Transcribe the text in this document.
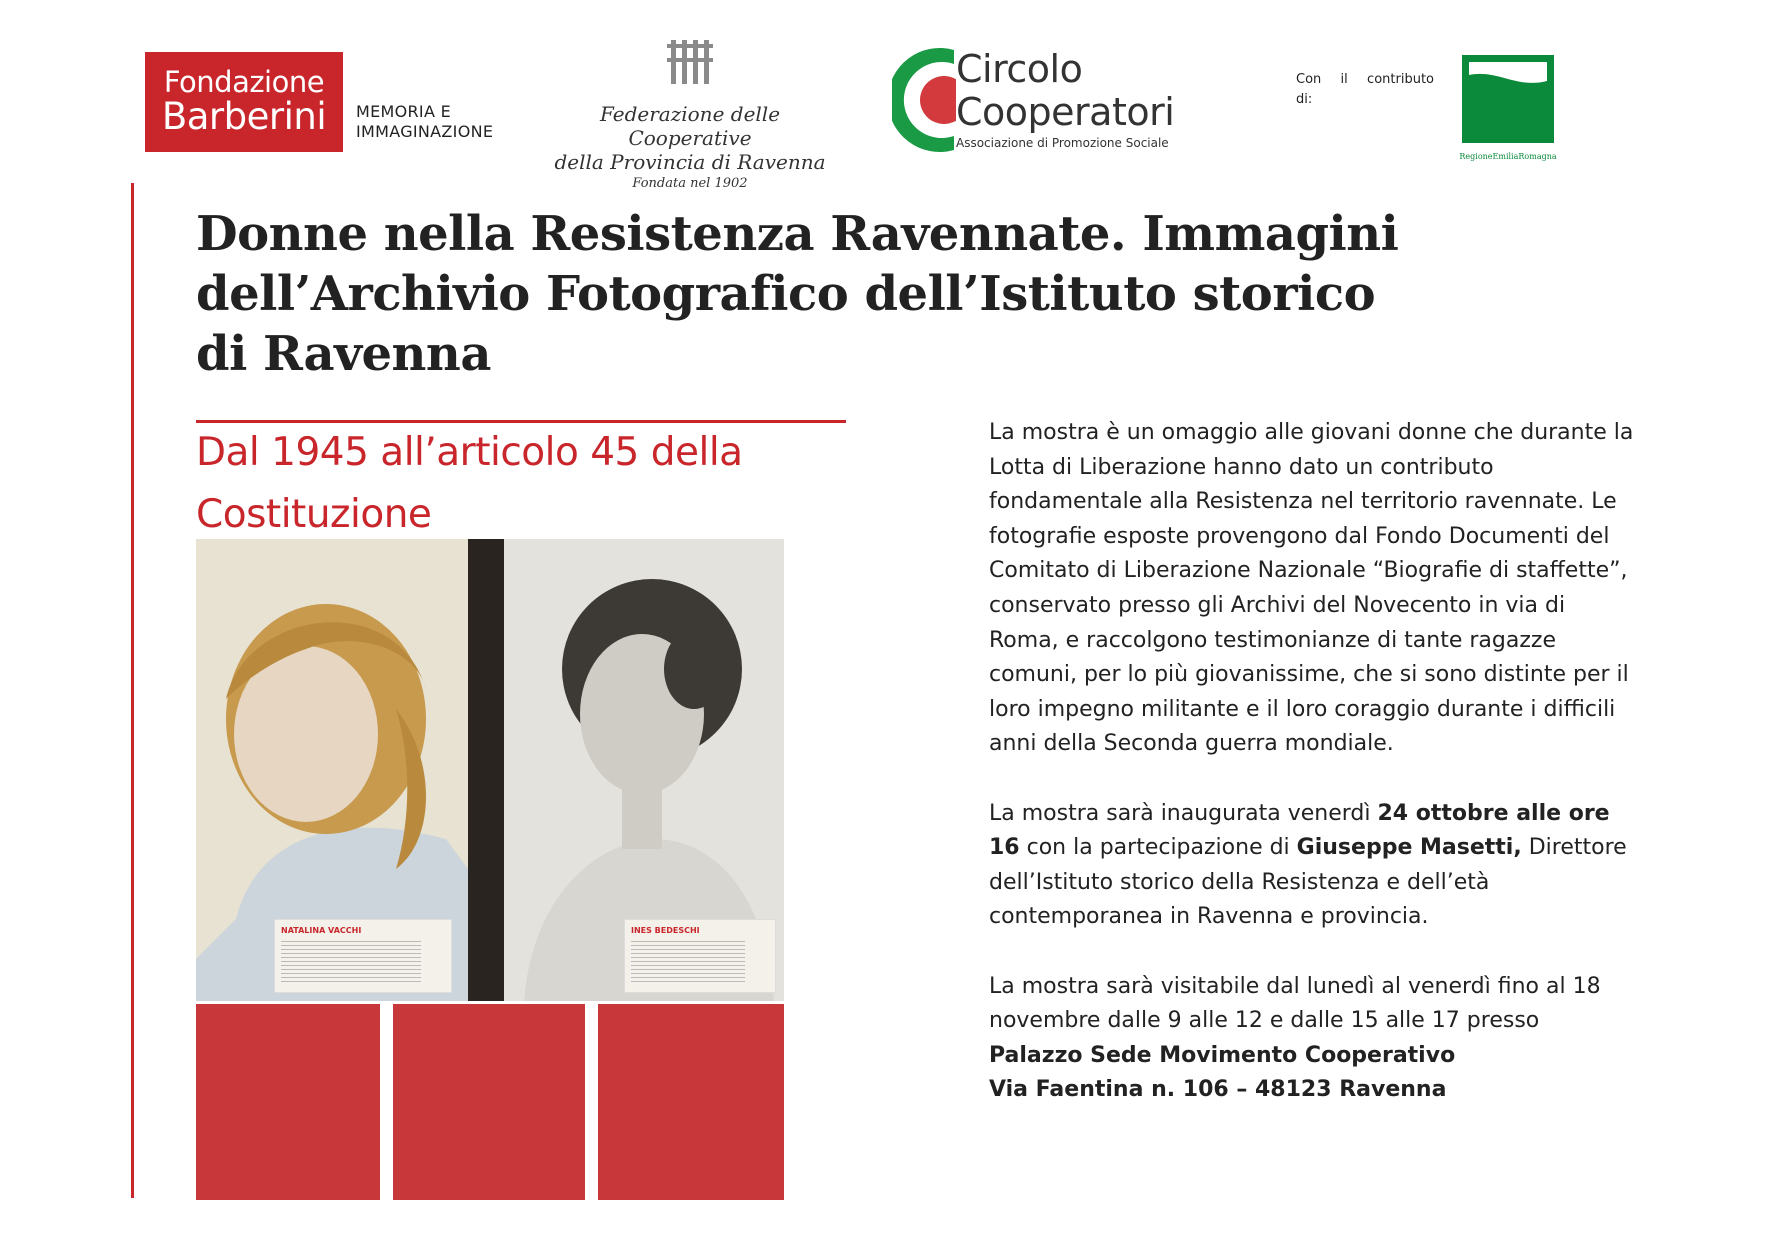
Fondazione
Barberini MEMORIA E
IMMAGINAZIONE
Federazione delle Cooperative
della Provincia di Ravenna
Fondata nel 1902
Circolo
Cooperatori
Associazione di Promozione Sociale
Con il contributo
di:
RegioneEmiliaRomagna
Donne nella Resistenza Ravennate. Immagini
dell’Archivio Fotografico dell’Istituto storico
di Ravenna
Dal 1945 all’articolo 45 della
Costituzione
NATALINA VACCHI	INES BEDESCHI

La mostra è un omaggio alle giovani donne che durante la Lotta di Liberazione hanno dato un contributo fondamentale alla Resistenza nel territorio ravennate. Le fotografie esposte provengono dal Fondo Documenti del Comitato di Liberazione Nazionale “Biografie di staffette”, conservato presso gli Archivi del Novecento in via di Roma, e raccolgono testimonianze di tante ragazze comuni, per lo più giovanissime, che si sono distinte per il loro impegno militante e il loro coraggio durante i difficili anni della Seconda guerra mondiale.

La mostra sarà inaugurata venerdì 24 ottobre alle ore 16 con la partecipazione di Giuseppe Masetti, Direttore dell’Istituto storico della Resistenza e dell’età contemporanea in Ravenna e provincia.

La mostra sarà visitabile dal lunedì al venerdì fino al 18 novembre dalle 9 alle 12 e dalle 15 alle 17 presso
Palazzo Sede Movimento Cooperativo
Via Faentina n. 106 – 48123 Ravenna
